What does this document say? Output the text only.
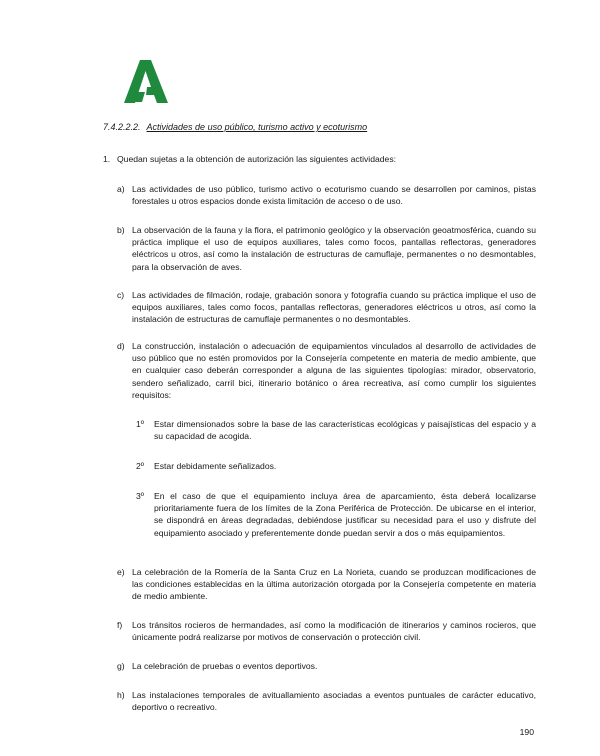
7.4.2.2.2. Actividades de uso público, turismo activo y ecoturismo
1. Quedan sujetas a la obtención de autorización las siguientes actividades:
a) Las actividades de uso público, turismo activo o ecoturismo cuando se desarrollen por caminos, pistas forestales u otros espacios donde exista limitación de acceso o de uso.
b) La observación de la fauna y la flora, el patrimonio geológico y la observación geoatmosférica, cuando su práctica implique el uso de equipos auxiliares, tales como focos, pantallas reflectoras, generadores eléctricos u otros, así como la instalación de estructuras de camuflaje, permanentes o no desmontables, para la observación de aves.
c) Las actividades de filmación, rodaje, grabación sonora y fotografía cuando su práctica implique el uso de equipos auxiliares, tales como focos, pantallas reflectoras, generadores eléctricos u otros, así como la instalación de estructuras de camuflaje permanentes o no desmontables.
d) La construcción, instalación o adecuación de equipamientos vinculados al desarrollo de actividades de uso público que no estén promovidos por la Consejería competente en materia de medio ambiente, que en cualquier caso deberán corresponder a alguna de las siguientes tipologías: mirador, observatorio, sendero señalizado, carril bici, itinerario botánico o área recreativa, así como cumplir los siguientes requisitos:
1º Estar dimensionados sobre la base de las características ecológicas y paisajísticas del espacio y a su capacidad de acogida.
2º Estar debidamente señalizados.
3º En el caso de que el equipamiento incluya área de aparcamiento, ésta deberá localizarse prioritariamente fuera de los límites de la Zona Periférica de Protección. De ubicarse en el interior, se dispondrá en áreas degradadas, debiéndose justificar su necesidad para el uso y disfrute del equipamiento asociado y preferentemente donde puedan servir a dos o más equipamientos.
e) La celebración de la Romería de la Santa Cruz en La Norieta, cuando se produzcan modificaciones de las condiciones establecidas en la última autorización otorgada por la Consejería competente en materia de medio ambiente.
f) Los tránsitos rocieros de hermandades, así como la modificación de itinerarios y caminos rocieros, que únicamente podrá realizarse por motivos de conservación o protección civil.
g) La celebración de pruebas o eventos deportivos.
h) Las instalaciones temporales de avituallamiento asociadas a eventos puntuales de carácter educativo, deportivo o recreativo.
190
